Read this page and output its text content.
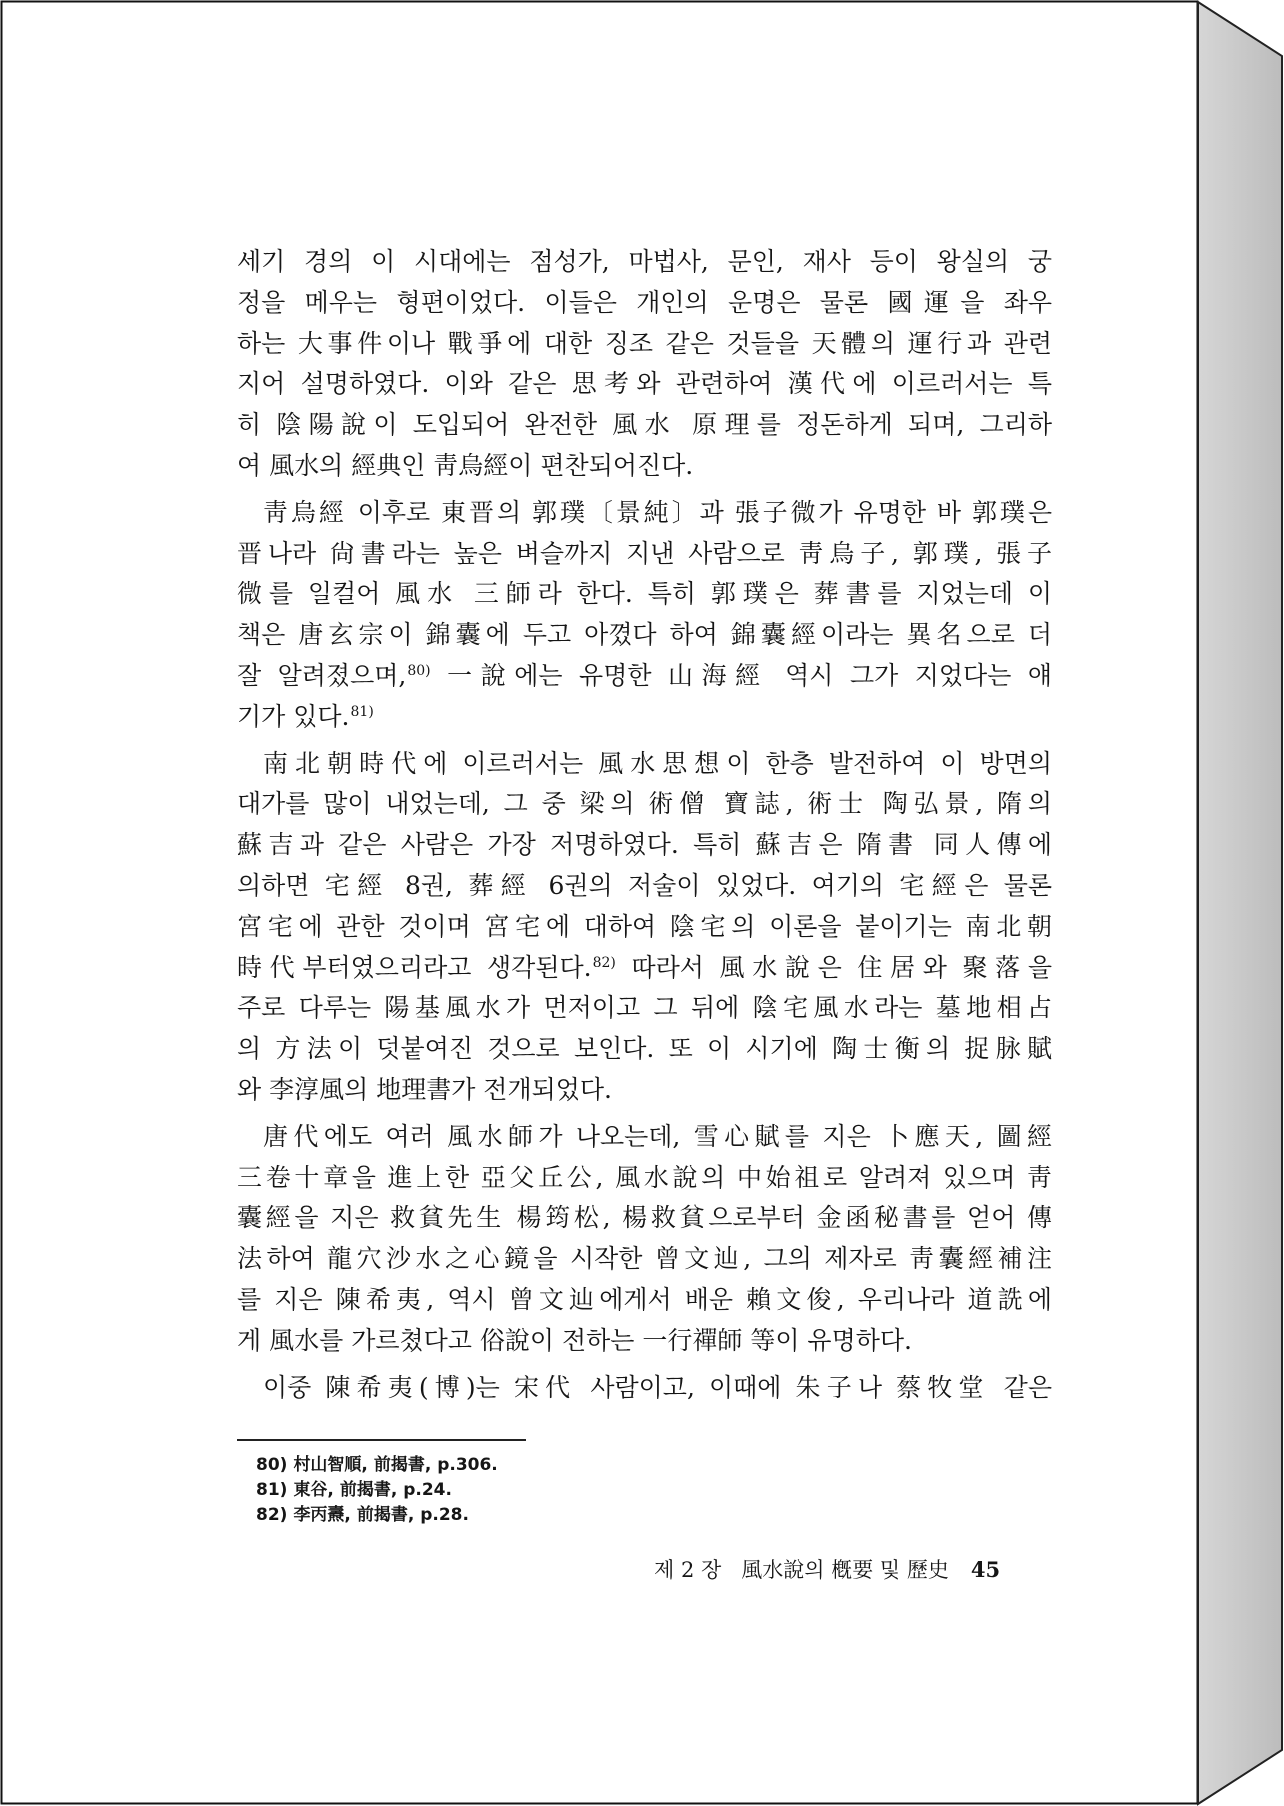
세기 경의 이 시대에는 점성가, 마법사, 문인, 재사 등이 왕실의 궁
정을 메우는 형편이었다. 이들은 개인의 운명은 물론 國運을 좌우
하는 大事件이나 戰爭에 대한 징조 같은 것들을 天體의 運行과 관련
지어 설명하였다. 이와 같은 思考와 관련하여 漢代에 이르러서는 특
히 陰陽說이 도입되어 완전한 風水 原理를 정돈하게 되며, 그리하
여 風水의 經典인 靑烏經이 편찬되어진다.
靑烏經 이후로 東晋의 郭璞〔景純〕과 張子微가 유명한 바 郭璞은
晋나라 尙書라는 높은 벼슬까지 지낸 사람으로 靑烏子, 郭璞, 張子
微를 일컬어 風水 三師라 한다. 특히 郭璞은 葬書를 지었는데 이
책은 唐玄宗이 錦囊에 두고 아꼈다 하여 錦囊經이라는 異名으로 더
잘 알려졌으며,$^{80)}$ 一說에는 유명한 山海經 역시 그가 지었다는 얘
기가 있다.$^{81)}$
南北朝時代에 이르러서는 風水思想이 한층 발전하여 이 방면의
대가를 많이 내었는데, 그 중 梁의 術僧 寶誌, 術士 陶弘景, 隋의
蘇吉과 같은 사람은 가장 저명하였다. 특히 蘇吉은 隋書 同人傳에
의하면 宅經 8권, 葬經 6권의 저술이 있었다. 여기의 宅經은 물론
宮宅에 관한 것이며 宮宅에 대하여 陰宅의 이론을 붙이기는 南北朝
時代부터였으리라고 생각된다.$^{82)}$ 따라서 風水說은 住居와 聚落을
주로 다루는 陽基風水가 먼저이고 그 뒤에 陰宅風水라는 墓地相占
의 方法이 덧붙여진 것으로 보인다. 또 이 시기에 陶士衡의 捉脉賦
와 李淳風의 地理書가 전개되었다.
唐代에도 여러 風水師가 나오는데, 雪心賦를 지은 卜應天, 圖經
三卷十章을 進上한 亞父丘公, 風水說의 中始祖로 알려져 있으며 靑
囊經을 지은 救貧先生 楊筠松, 楊救貧으로부터 金函秘書를 얻어 傳
法하여 龍穴沙水之心鏡을 시작한 曾文辿, 그의 제자로 靑囊經補注
를 지은 陳希夷, 역시 曾文辿에게서 배운 賴文俊, 우리나라 道詵에
게 風水를 가르쳤다고 俗說이 전하는 一行禪師 等이 유명하다.
이중 陳希夷(博)는 宋代 사람이고, 이때에 朱子나 蔡牧堂 같은
80) 村山智順, 前揭書, p.306.
81) 東谷, 前揭書, p.24.
82) 李丙燾, 前揭書, p.28.
제 2 장 風水說의 槪要 및 歷史 45
